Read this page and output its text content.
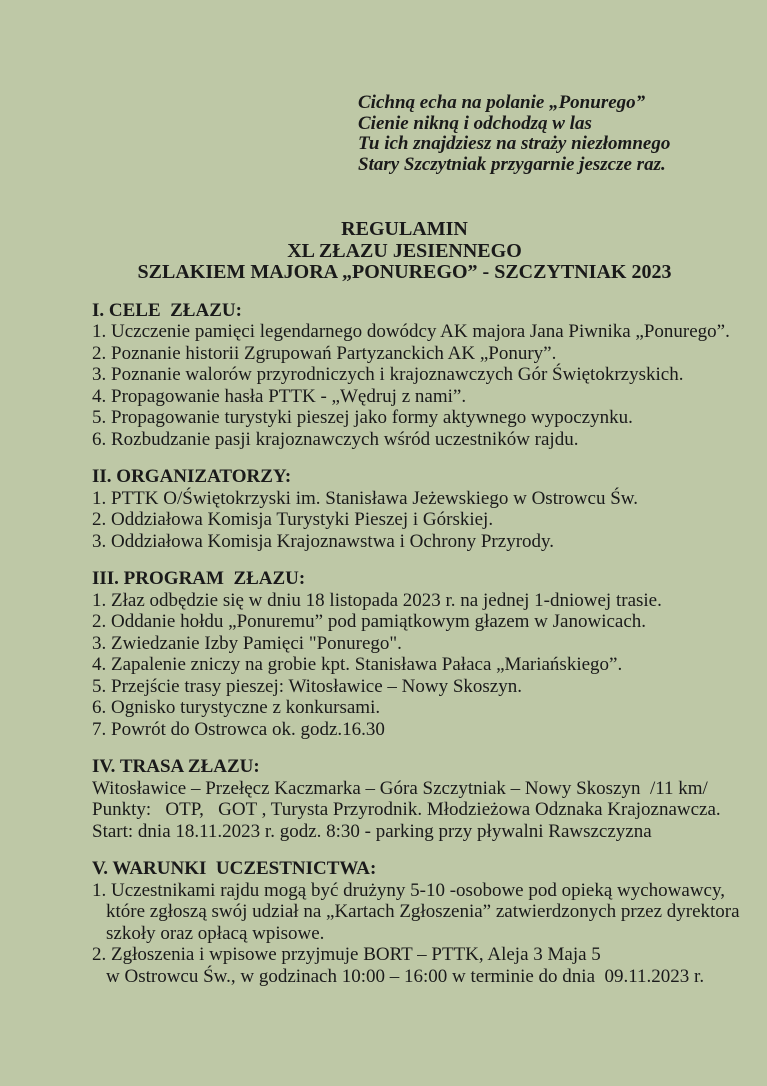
Cichną echa na polanie „Ponurego”
Cienie nikną i odchodzą w las
Tu ich znajdziesz na straży niezłomnego
Stary Szczytniak przygarnie jeszcze raz.
REGULAMIN
XL ZŁAZU JESIENNEGO
SZLAKIEM MAJORA „PONUREGO” - SZCZYTNIAK 2023
I. CELE  ZŁAZU:
1. Uczczenie pamięci legendarnego dowódcy AK majora Jana Piwnika „Ponurego”.
2. Poznanie historii Zgrupowań Partyzanckich AK „Ponury”.
3. Poznanie walorów przyrodniczych i krajoznawczych Gór Świętokrzyskich.
4. Propagowanie hasła PTTK - „Wędruj z nami”.
5. Propagowanie turystyki pieszej jako formy aktywnego wypoczynku.
6. Rozbudzanie pasji krajoznawczych wśród uczestników rajdu.
II. ORGANIZATORZY:
1. PTTK O/Świętokrzyski im. Stanisława Jeżewskiego w Ostrowcu Św.
2. Oddziałowa Komisja Turystyki Pieszej i Górskiej.
3. Oddziałowa Komisja Krajoznawstwa i Ochrony Przyrody.
III. PROGRAM  ZŁAZU:
1. Złaz odbędzie się w dniu 18 listopada 2023 r. na jednej 1-dniowej trasie.
2. Oddanie hołdu „Ponuremu” pod pamiątkowym głazem w Janowicach.
3. Zwiedzanie Izby Pamięci "Ponurego".
4. Zapalenie zniczy na grobie kpt. Stanisława Pałaca „Mariańskiego”.
5. Przejście trasy pieszej: Witosławice – Nowy Skoszyn.
6. Ognisko turystyczne z konkursami.
7. Powrót do Ostrowca ok. godz.16.30
IV. TRASA ZŁAZU:
Witosławice – Przełęcz Kaczmarka – Góra Szczytniak – Nowy Skoszyn  /11 km/
Punkty:   OTP,   GOT , Turysta Przyrodnik. Młodzieżowa Odznaka Krajoznawcza.
Start: dnia 18.11.2023 r. godz. 8:30 - parking przy pływalni Rawszczyzna
V. WARUNKI  UCZESTNICTWA:
1. Uczestnikami rajdu mogą być drużyny 5-10 -osobowe pod opieką wychowawcy,
które zgłoszą swój udział na „Kartach Zgłoszenia” zatwierdzonych przez dyrektora
szkoły oraz opłacą wpisowe.
2. Zgłoszenia i wpisowe przyjmuje BORT – PTTK, Aleja 3 Maja 5
w Ostrowcu Św., w godzinach 10:00 – 16:00 w terminie do dnia  09.11.2023 r.
